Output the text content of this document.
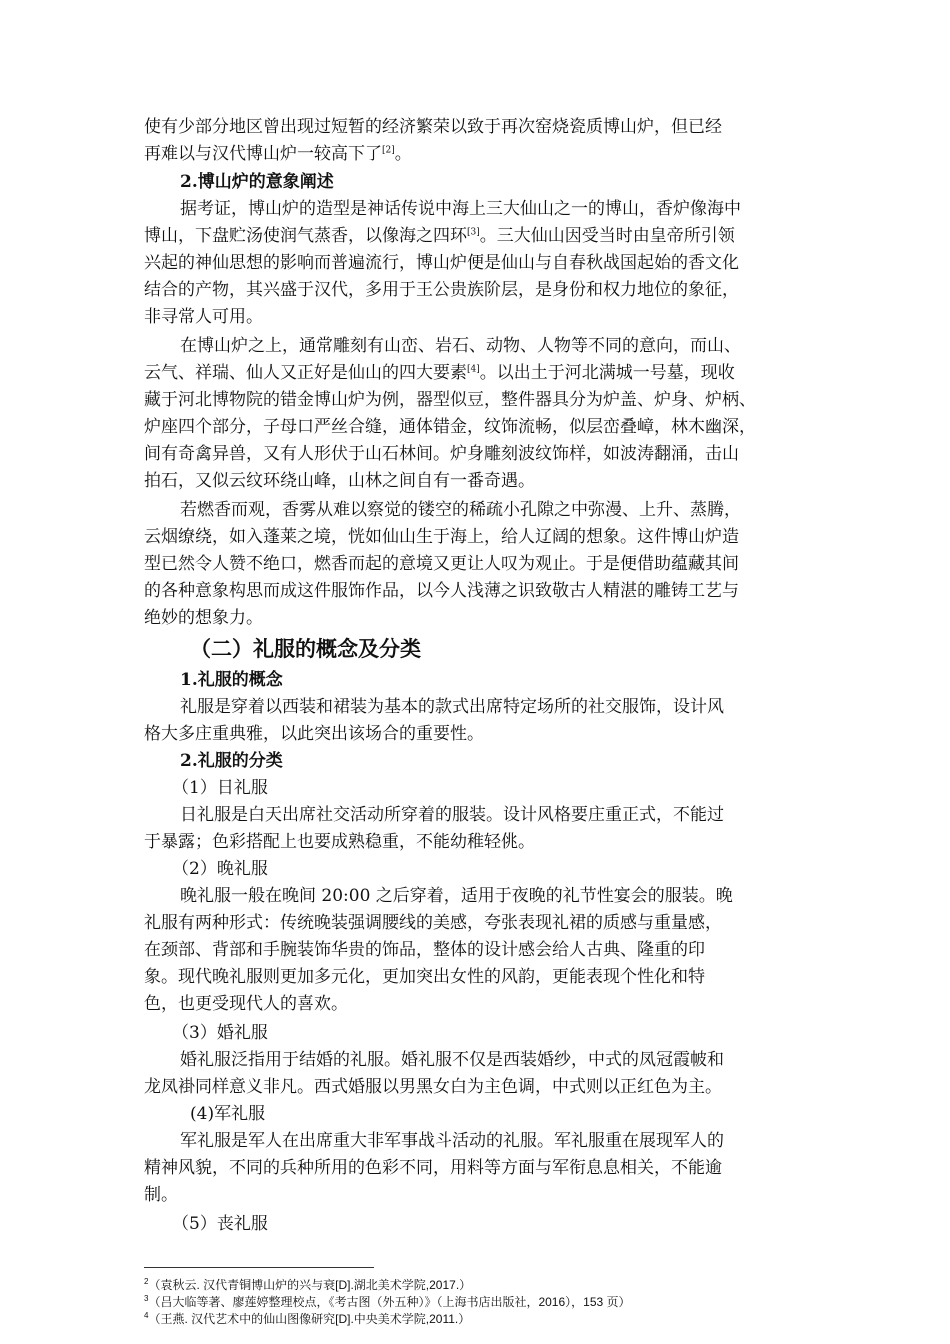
使有少部分地区曾出现过短暂的经济繁荣以致于再次窑烧瓷质博山炉，但已经
再难以与汉代博山炉一较高下了[2]。
2.博山炉的意象阐述
据考证，博山炉的造型是神话传说中海上三大仙山之一的博山，香炉像海中
博山，下盘贮汤使润气蒸香，以像海之四环[3]。三大仙山因受当时由皇帝所引领
兴起的神仙思想的影响而普遍流行，博山炉便是仙山与自春秋战国起始的香文化
结合的产物，其兴盛于汉代，多用于王公贵族阶层，是身份和权力地位的象征，
非寻常人可用。
在博山炉之上，通常雕刻有山峦、岩石、动物、人物等不同的意向，而山、
云气、祥瑞、仙人又正好是仙山的四大要素[4]。以出土于河北满城一号墓，现收
藏于河北博物院的错金博山炉为例，器型似豆，整件器具分为炉盖、炉身、炉柄、
炉座四个部分，子母口严丝合缝，通体错金，纹饰流畅，似层峦叠嶂，林木幽深，
间有奇禽异兽，又有人形伏于山石林间。炉身雕刻波纹饰样，如波涛翻涌，击山
拍石，又似云纹环绕山峰，山林之间自有一番奇遇。
若燃香而观，香雾从难以察觉的镂空的稀疏小孔隙之中弥漫、上升、蒸腾，
云烟缭绕，如入蓬莱之境，恍如仙山生于海上，给人辽阔的想象。这件博山炉造
型已然令人赞不绝口，燃香而起的意境又更让人叹为观止。于是便借助蕴藏其间
的各种意象构思而成这件服饰作品，以今人浅薄之识致敬古人精湛的雕铸工艺与
绝妙的想象力。
（二）礼服的概念及分类
1.礼服的概念
礼服是穿着以西装和裙装为基本的款式出席特定场所的社交服饰，设计风
格大多庄重典雅，以此突出该场合的重要性。
2.礼服的分类
（1）日礼服
日礼服是白天出席社交活动所穿着的服装。设计风格要庄重正式，不能过
于暴露；色彩搭配上也要成熟稳重，不能幼稚轻佻。
（2）晚礼服
晚礼服一般在晚间 20:00 之后穿着，适用于夜晚的礼节性宴会的服装。晚
礼服有两种形式：传统晚装强调腰线的美感，夸张表现礼裙的质感与重量感，
在颈部、背部和手腕装饰华贵的饰品，整体的设计感会给人古典、隆重的印
象。现代晚礼服则更加多元化，更加突出女性的风韵，更能表现个性化和特
色，也更受现代人的喜欢。
（3）婚礼服
婚礼服泛指用于结婚的礼服。婚礼服不仅是西装婚纱，中式的凤冠霞帔和
龙凤褂同样意义非凡。西式婚服以男黑女白为主色调，中式则以正红色为主。
(4)军礼服
军礼服是军人在出席重大非军事战斗活动的礼服。军礼服重在展现军人的
精神风貌，不同的兵种所用的色彩不同，用料等方面与军衔息息相关，不能逾
制。
（5）丧礼服
$^2$（袁秋云. 汉代青铜博山炉的兴与衰[D].湖北美术学院,2017.）
$^3$（吕大临等著、廖莲婷整理校点，《考古图（外五种）》（上海书店出版社，2016），153 页）
$^4$（王燕. 汉代艺术中的仙山图像研究[D].中央美术学院,2011.）
